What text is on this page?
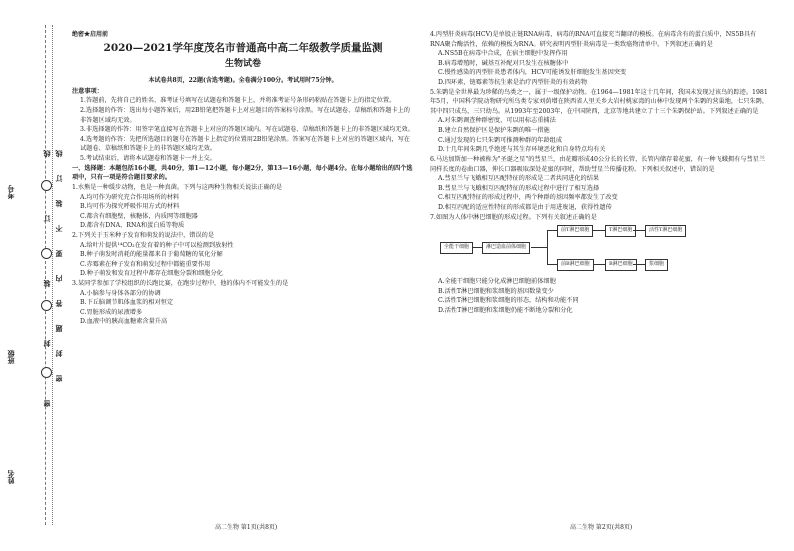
姓名
班级
考号
线
订
装
封
密
线
订
装
不
要
内
答
题
封
密
绝密★启用前
2020—2021学年度茂名市普通高中高二年级教学质量监测
生物试卷
本试卷共8页，22题(含选考题)。全卷满分100分。考试用时75分钟。
注意事项：
1.答题前，先将自己的姓名、准考证号填写在试题卷和答题卡上，并将准考证号条形码粘贴在答题卡上的指定位置。
2.选择题的作答：选出每小题答案后，用2B铅笔把答题卡上对应题目的答案标号涂黑。写在试题卷、草稿纸和答题卡上的非答题区域均无效。
3.非选择题的作答：用签字笔直接写在答题卡上对应的答题区域内。写在试题卷、草稿纸和答题卡上的非答题区域均无效。
4.选考题的作答：先把所选题目的题号在答题卡上指定的位置用2B铅笔涂黑。答案写在答题卡上对应的答题区域内，写在试题卷、草稿纸和答题卡上的非答题区域均无效。
5.考试结束后，请将本试题卷和答题卡一并上交。
一、选择题：本题包括16小题，共40分，第1—12小题，每小题2分，第13—16小题，每小题4分。在每小题给出的四个选项中，只有一项是符合题目要求的。
1.水熊是一种缓步动物，也是一种真菌。下列与这两种生物相关说法正确的是
A.均可作为研究充合作用场所的材料
B.均可作为探究呼吸作用方式的材料
C.都含有细胞壁，核糖体，内质网等细胞器
D.都含有DNA、RNA和蛋白质等物质
2.下列关于玉米种子发育和萌发的说法中，错误的是
A.给叶片提供¹⁴CO₂在发育着的种子中可以检测到放射性
B.种子萌发时消耗的能量都来自于葡萄糖的氧化分解
C.赤霉素在种子发育和萌发过程中都能重要作用
D.种子萌发和发育过程中都存在细胞分裂和细胞分化
3.某同学参加了学校组织的长跑比赛，在跑步过程中，他的体内不可能发生的是
A.小脑参与身体各部分的协调
B.下丘脑调节肌体血浆的相对恒定
C.胃脏形成的尿液增多
D.血液中的胰高血糖素含量升高
4.丙型肝炎病毒(HCV)是单股正链RNA病毒，病毒的RNA可直接充当翻译的模板。在病毒含有的蛋白质中，NS5B具有RNA聚合酶活性，依赖的模板为RNA。研究表明丙型肝炎病毒是一类致癌物清单中。下列叙述正确的是
A.NS5B在病毒中合成，在宿主细胞中发挥作用
B.病毒增殖时，碱基互补配对只发生在核糖体中
C.慢性感染的丙型肝炎患者体内，HCV可能诱发肝细胞发生基因突变
D.四环素，链霉素等抗生素是治疗丙型肝炎的有效药物
5.朱鹮是全世界最为珍稀的鸟类之一，属于一级保护动物。在1964—1981年这十几年间，我国未发现过该鸟的踪迹。1981年5月，中国科学院动物研究所鸟类专家刘荫增在陕西省人里关乡大岩村桃家湾的山林中发现两个朱鹮的营巢地，七只朱鹮，其中四只成鸟，三只幼鸟。从1993年至2003年，在中国陕西，北京等地共建立了十三个朱鹮保护站。下列叙述正确的是
A.对朱鹮调查种群密度，可以用标志重捕法
B.建立自然保护区是保护朱鹮的唯一措施
C.通过发现的七只朱鹮可推测种群的年龄组成
D.十几年间朱鹮几乎绝迹与其生存环境恶化和自身特点均有关
6.马达加斯加一种被称为"圣诞之星"的彗星兰，由花瓣形成40公分长的长管，长管内储存着花蜜，有一种飞蛾拥有与彗星兰同样长度的卷曲口器，伸长口器吸取深处花蜜的同时，帮助彗星兰传播花粉。下列相关叙述中，错误的是
A.彗星兰与飞蛾相互匹配特征的形成是二者共同进化的结果
B.彗星兰与飞蛾相互匹配特征的形成过程中进行了相互选择
C.相互匹配特征的形成过程中，两个种群的基因频率都发生了改变
D.相互匹配的适应性特征的形成都是由于用进废退，获得性遗传
7.如图为人体中淋巴细胞的形成过程。下列有关叙述正确的是
全能干细胞	淋巴造血前体细胞
前T淋巴细胞	T淋巴细胞	活性T淋巴细胞
前B淋巴细胞	B淋巴细胞	浆细胞
A.全能干细胞只能分化成淋巴细胞前体细胞
B.活性T淋巴细胞和浆细胞的基因数量变少
C.活性T淋巴细胞和浆细胞的形态，结构和功能不同
D.活性T淋巴细胞和浆细胞仍能不断地分裂和分化
高二生物 第1页(共8页)	高二生物 第2页(共8页)
